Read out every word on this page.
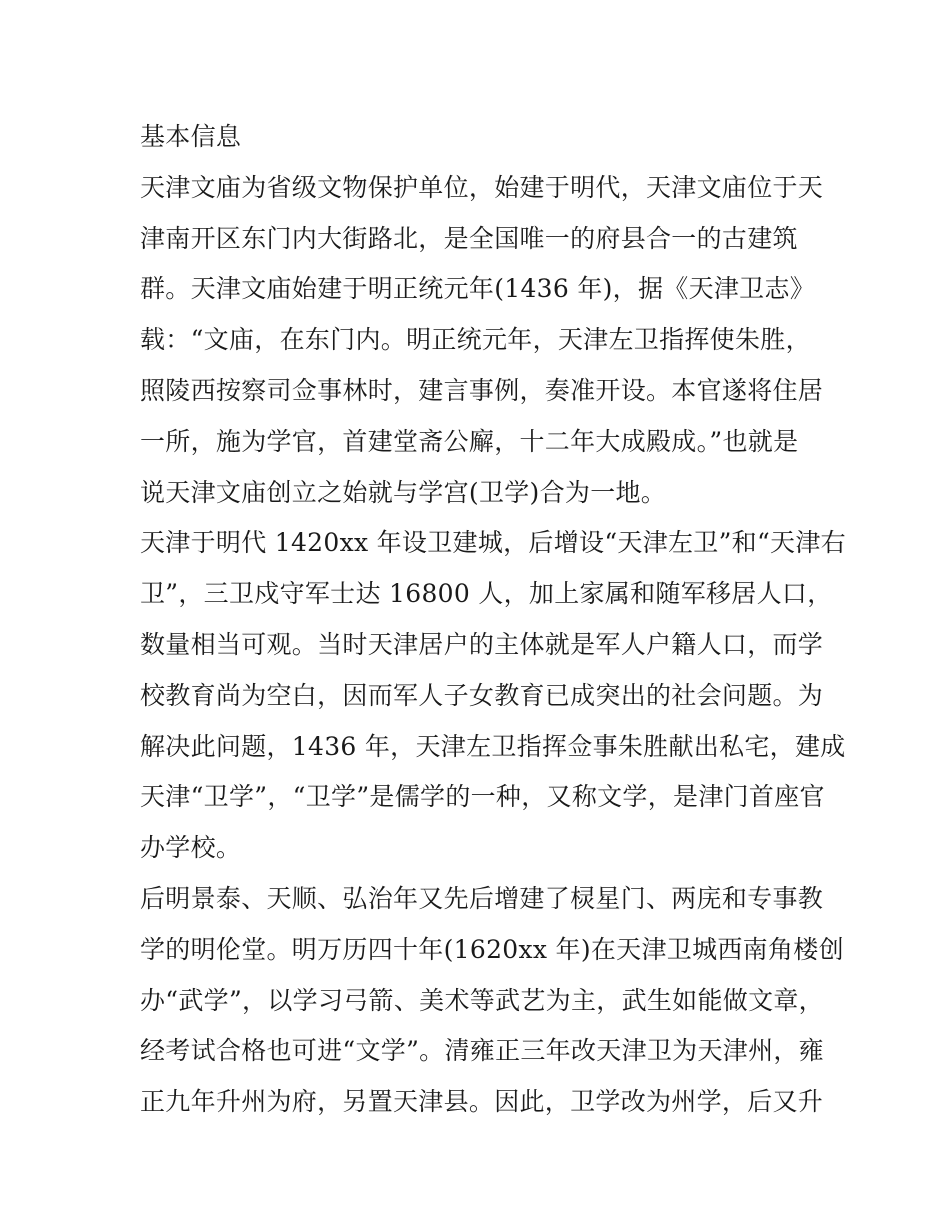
基本信息
天津文庙为省级文物保护单位，始建于明代，天津文庙位于天
津南开区东门内大街路北，是全国唯一的府县合一的古建筑
群。天津文庙始建于明正统元年(1436 年)，据《天津卫志》
载：“文庙，在东门内。明正统元年，天津左卫指挥使朱胜，
照陵西按察司佥事林时，建言事例，奏准开设。本官遂将住居
一所，施为学官，首建堂斋公廨，十二年大成殿成。”也就是
说天津文庙创立之始就与学宫(卫学)合为一地。
天津于明代 1420xx 年设卫建城，后增设“天津左卫”和“天津右
卫”，三卫戍守军士达 16800 人，加上家属和随军移居人口，
数量相当可观。当时天津居户的主体就是军人户籍人口，而学
校教育尚为空白，因而军人子女教育已成突出的社会问题。为
解决此问题，1436 年，天津左卫指挥佥事朱胜献出私宅，建成
天津“卫学”，“卫学”是儒学的一种，又称文学，是津门首座官
办学校。
后明景泰、天顺、弘治年又先后增建了棂星门、两庑和专事教
学的明伦堂。明万历四十年(1620xx 年)在天津卫城西南角楼创
办“武学”，以学习弓箭、美术等武艺为主，武生如能做文章，
经考试合格也可进“文学”。清雍正三年改天津卫为天津州，雍
正九年升州为府，另置天津县。因此，卫学改为州学，后又升
